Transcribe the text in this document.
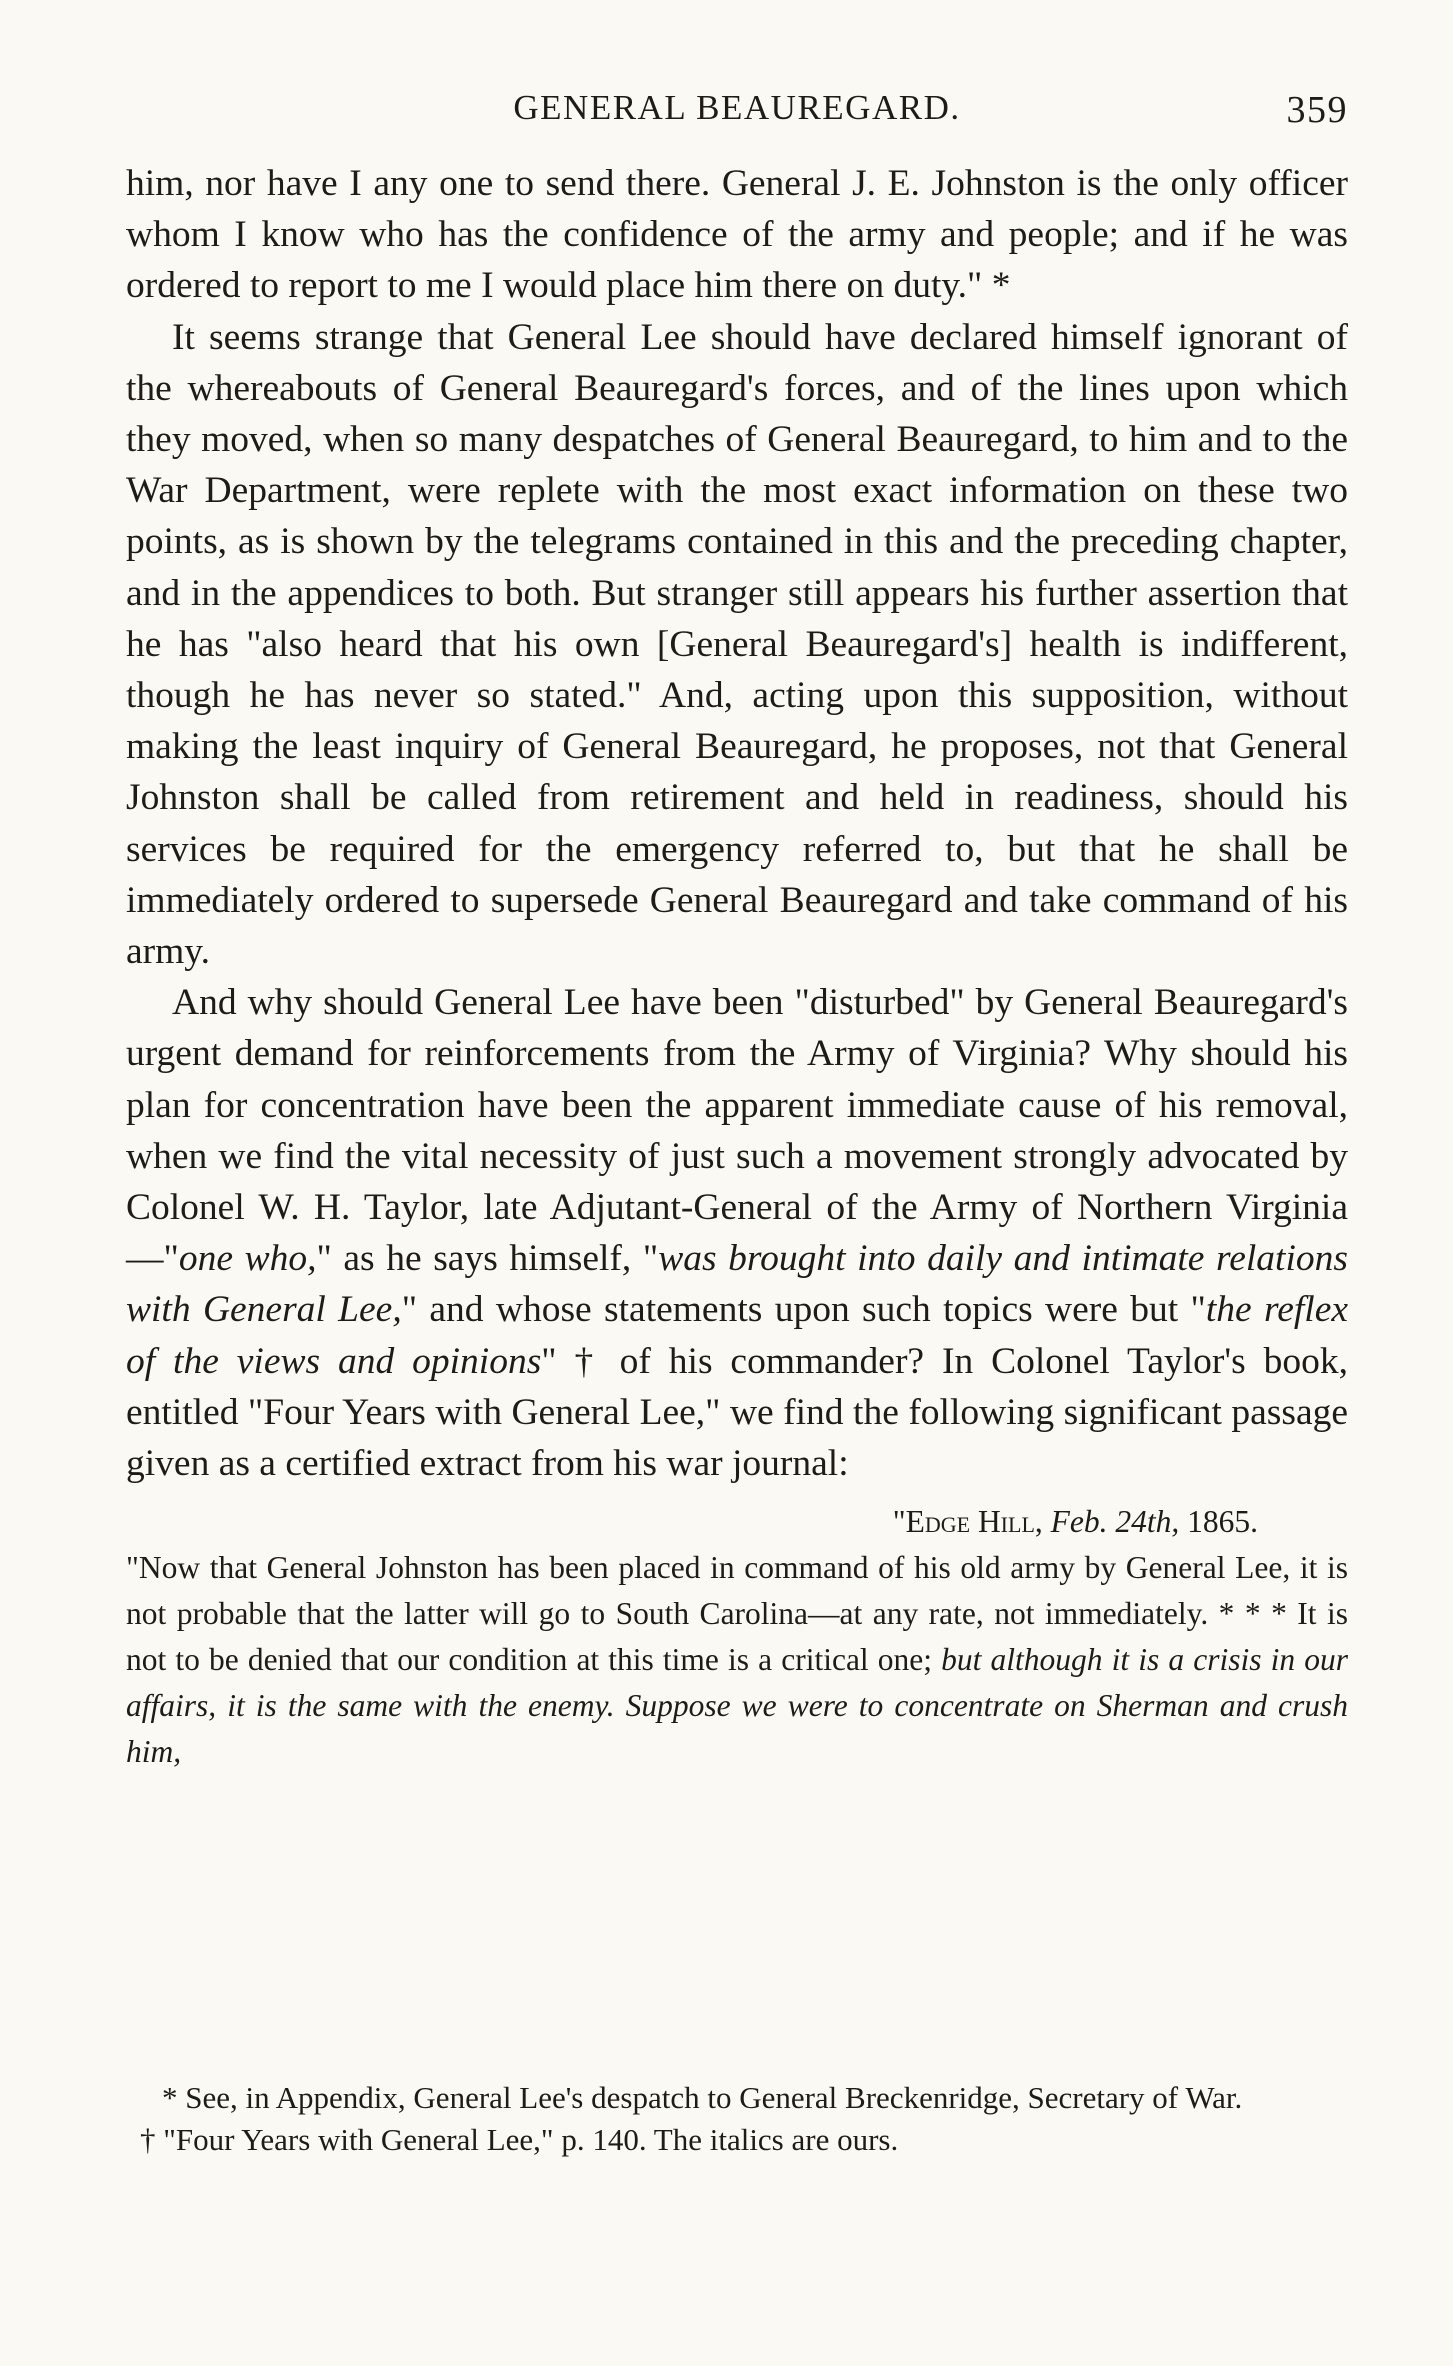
GENERAL BEAUREGARD.	359

him, nor have I any one to send there. General J. E. Johnston is the only officer whom I know who has the confidence of the army and people; and if he was ordered to report to me I would place him there on duty." *

It seems strange that General Lee should have declared himself ignorant of the whereabouts of General Beauregard's forces, and of the lines upon which they moved, when so many despatches of General Beauregard, to him and to the War Department, were replete with the most exact information on these two points, as is shown by the telegrams contained in this and the preceding chapter, and in the appendices to both. But stranger still appears his further assertion that he has "also heard that his own [General Beauregard's] health is indifferent, though he has never so stated." And, acting upon this supposition, without making the least inquiry of General Beauregard, he proposes, not that General Johnston shall be called from retirement and held in readiness, should his services be required for the emergency referred to, but that he shall be immediately ordered to supersede General Beauregard and take command of his army.

And why should General Lee have been "disturbed" by General Beauregard's urgent demand for reinforcements from the Army of Virginia? Why should his plan for concentration have been the apparent immediate cause of his removal, when we find the vital necessity of just such a movement strongly advocated by Colonel W. H. Taylor, late Adjutant-General of the Army of Northern Virginia—"one who," as he says himself, "was brought into daily and intimate relations with General Lee," and whose statements upon such topics were but "the reflex of the views and opinions" † of his commander? In Colonel Taylor's book, entitled "Four Years with General Lee," we find the following significant passage given as a certified extract from his war journal:

"Edge Hill, Feb. 24th, 1865.

"Now that General Johnston has been placed in command of his old army by General Lee, it is not probable that the latter will go to South Carolina—at any rate, not immediately. * * * It is not to be denied that our condition at this time is a critical one; but although it is a crisis in our affairs, it is the same with the enemy. Suppose we were to concentrate on Sherman and crush him,

* See, in Appendix, General Lee's despatch to General Breckenridge, Secretary of War.

† "Four Years with General Lee," p. 140. The italics are ours.
